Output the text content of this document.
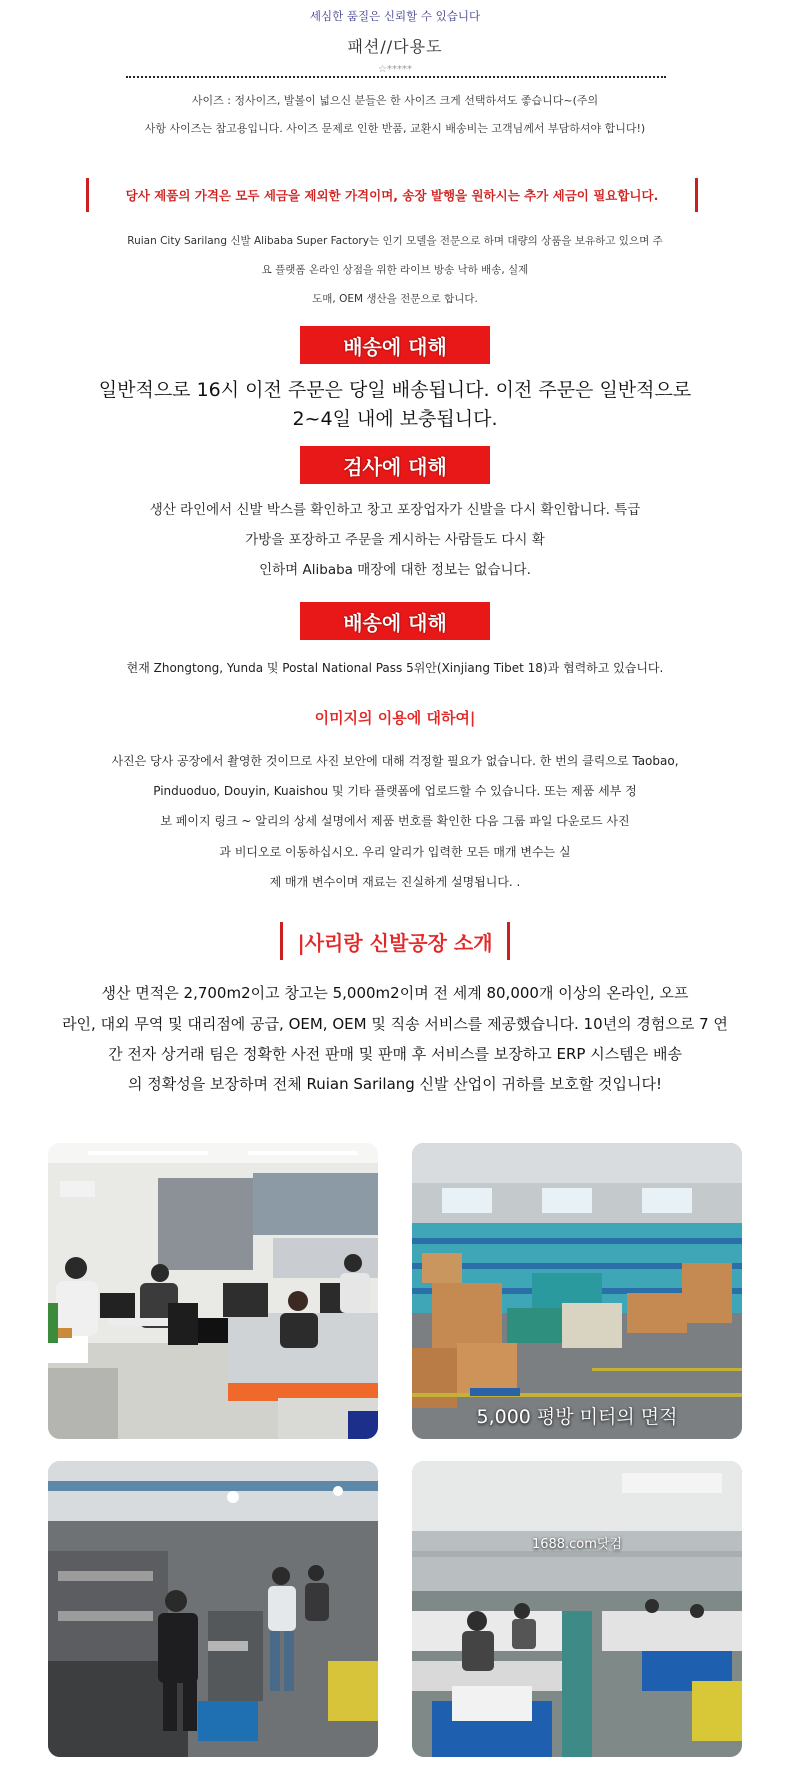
세심한 품질은 신뢰할 수 있습니다
패션//다용도
☆*****
사이즈 : 정사이즈, 발볼이 넓으신 분들은 한 사이즈 크게 선택하셔도 좋습니다~(주의
사항 사이즈는 참고용입니다. 사이즈 문제로 인한 반품, 교환시 배송비는 고객님께서 부담하셔야 합니다!)
당사 제품의 가격은 모두 세금을 제외한 가격이며, 송장 발행을 원하시는 추가 세금이 필요합니다.
Ruian City Sarilang 신발 Alibaba Super Factory는 인기 모델을 전문으로 하며 대량의 상품을 보유하고 있으며 주
요 플랫폼 온라인 상점을 위한 라이브 방송 낙하 배송, 실제
도매, OEM 생산을 전문으로 합니다.
배송에 대해
일반적으로 16시 이전 주문은 당일 배송됩니다. 이전 주문은 일반적으로
2~4일 내에 보충됩니다.
검사에 대해
생산 라인에서 신발 박스를 확인하고 창고 포장업자가 신발을 다시 확인합니다. 특급
가방을 포장하고 주문을 게시하는 사람들도 다시 확
인하며 Alibaba 매장에 대한 정보는 없습니다.
배송에 대해
현재 Zhongtong, Yunda 및 Postal National Pass 5위안(Xinjiang Tibet 18)과 협력하고 있습니다.
이미지의 이용에 대하여|
사진은 당사 공장에서 촬영한 것이므로 사진 보안에 대해 걱정할 필요가 없습니다. 한 번의 클릭으로 Taobao,
Pinduoduo, Douyin, Kuaishou 및 기타 플랫폼에 업로드할 수 있습니다. 또는 제품 세부 정
보 페이지 링크 ~ 알리의 상세 설명에서 제품 번호를 확인한 다음 그룹 파일 다운로드 사진
과 비디오로 이동하십시오. 우리 알리가 입력한 모든 매개 변수는 실
제 매개 변수이며 재료는 진실하게 설명됩니다. .
|사리랑 신발공장 소개
생산 면적은 2,700m2이고 창고는 5,000m2이며 전 세계 80,000개 이상의 온라인, 오프
라인, 대외 무역 및 대리점에 공급, OEM, OEM 및 직송 서비스를 제공했습니다. 10년의 경험으로 7 연
간 전자 상거래 팀은 정확한 사전 판매 및 판매 후 서비스를 보장하고 ERP 시스템은 배송
의 정확성을 보장하며 전체 Ruian Sarilang 신발 산업이 귀하를 보호할 것입니다!
5,000 평방 미터의 면적
1688.com닷컴
